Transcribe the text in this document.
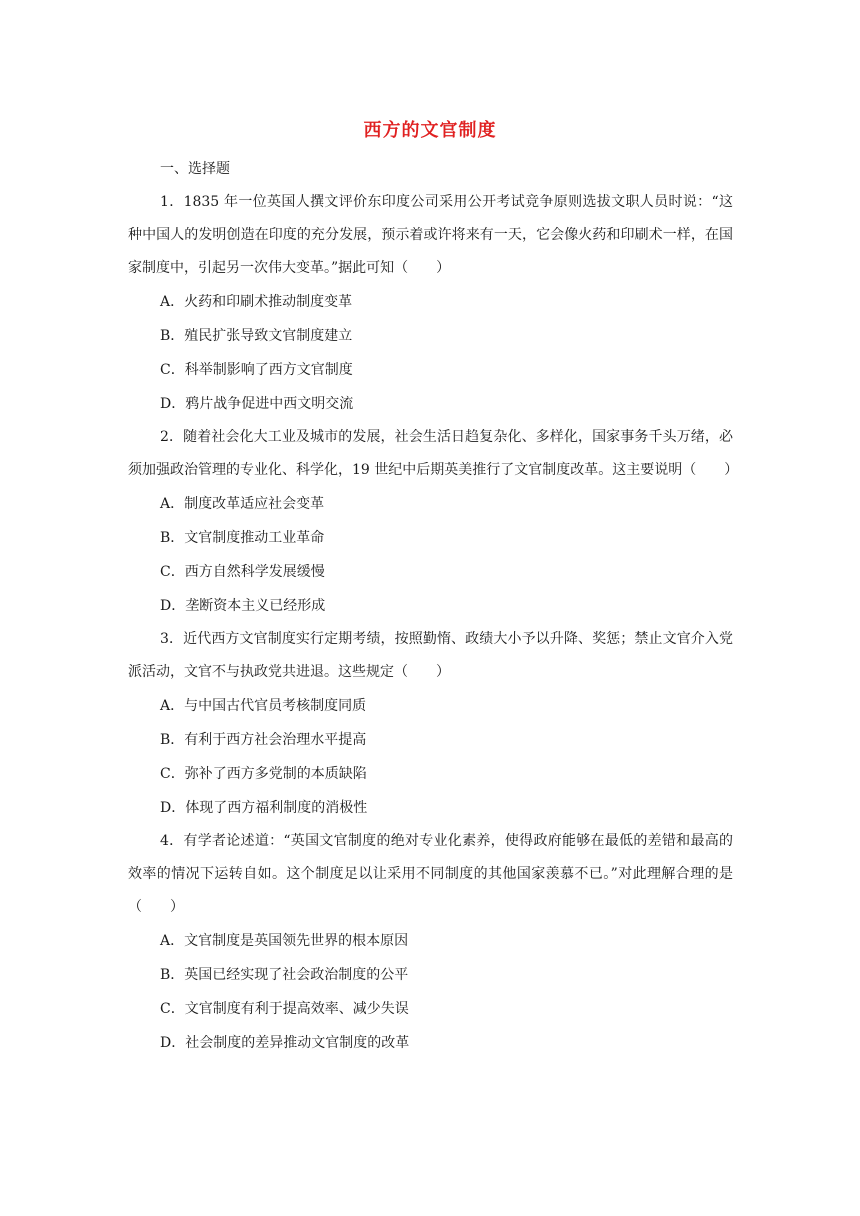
西方的文官制度
一、选择题
1．1835 年一位英国人撰文评价东印度公司采用公开考试竞争原则选拔文职人员时说：“这种中国人的发明创造在印度的充分发展，预示着或许将来有一天，它会像火药和印刷术一样，在国家制度中，引起另一次伟大变革。”据此可知（　　）
A．火药和印刷术推动制度变革
B．殖民扩张导致文官制度建立
C．科举制影响了西方文官制度
D．鸦片战争促进中西文明交流
2．随着社会化大工业及城市的发展，社会生活日趋复杂化、多样化，国家事务千头万绪，必须加强政治管理的专业化、科学化，19 世纪中后期英美推行了文官制度改革。这主要说明（　　）
A．制度改革适应社会变革
B．文官制度推动工业革命
C．西方自然科学发展缓慢
D．垄断资本主义已经形成
3．近代西方文官制度实行定期考绩，按照勤惰、政绩大小予以升降、奖惩；禁止文官介入党派活动，文官不与执政党共进退。这些规定（　　）
A．与中国古代官员考核制度同质
B．有利于西方社会治理水平提高
C．弥补了西方多党制的本质缺陷
D．体现了西方福利制度的消极性
4．有学者论述道：“英国文官制度的绝对专业化素养，使得政府能够在最低的差错和最高的效率的情况下运转自如。这个制度足以让采用不同制度的其他国家羡慕不已。”对此理解合理的是（　　）
A．文官制度是英国领先世界的根本原因
B．英国已经实现了社会政治制度的公平
C．文官制度有利于提高效率、减少失误
D．社会制度的差异推动文官制度的改革
